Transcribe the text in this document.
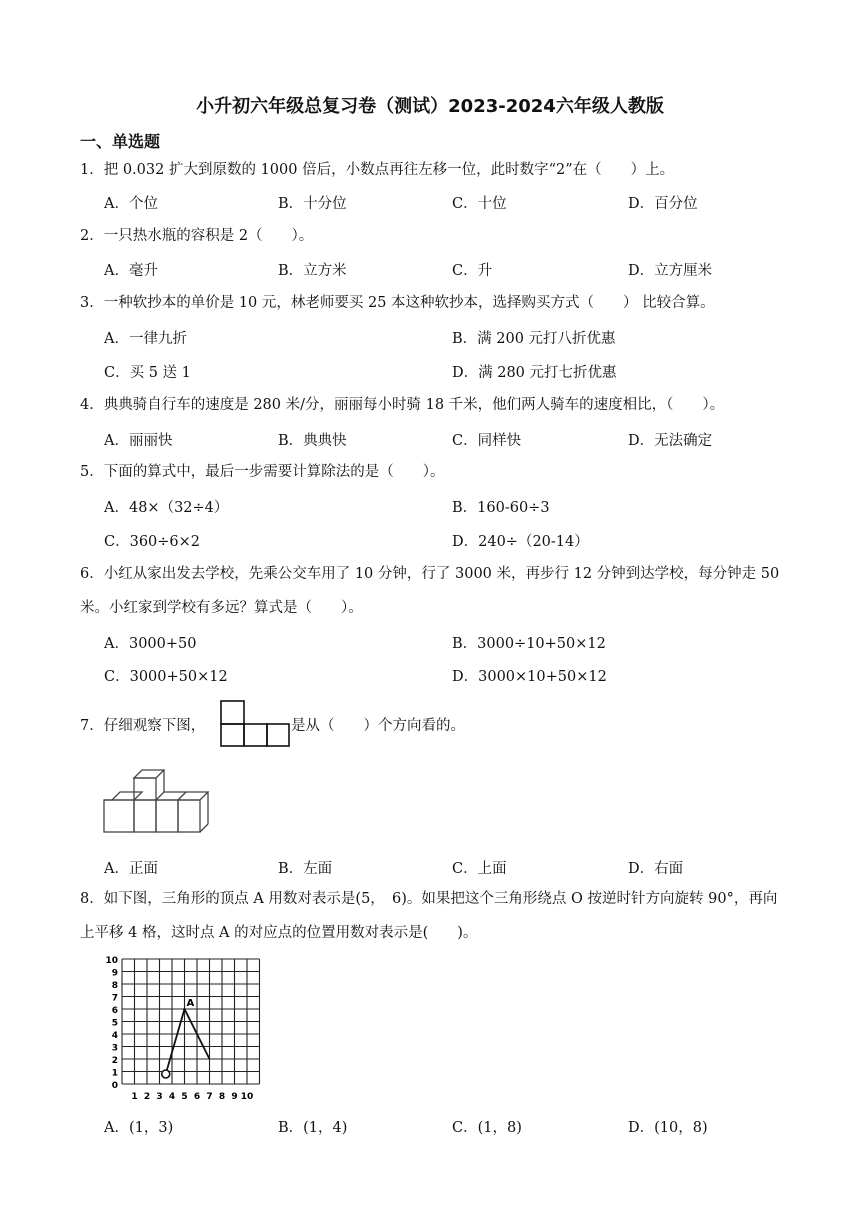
小升初六年级总复习卷（测试）2023-2024六年级人教版
一、单选题
1．把 0.032 扩大到原数的 1000 倍后，小数点再往左移一位，此时数字“2”在（　　）上。
A．个位	B．十分位	C．十位	D．百分位
2．一只热水瓶的容积是 2（　　）。
A．毫升	B．立方米	C．升	D．立方厘米
3．一种软抄本的单价是 10 元，林老师要买 25 本这种软抄本，选择购买方式（　　） 比较合算。
A．一律九折	B．满 200 元打八折优惠
C．买 5 送 1	D．满 280 元打七折优惠
4．典典骑自行车的速度是 280 米/分，丽丽每小时骑 18 千米，他们两人骑车的速度相比，（　　）。
A．丽丽快	B．典典快	C．同样快	D．无法确定
5．下面的算式中，最后一步需要计算除法的是（　　）。
A．48×（32÷4）	B．160-60÷3
C．360÷6×2	D．240÷（20-14）
6．小红从家出发去学校，先乘公交车用了 10 分钟，行了 3000 米，再步行 12 分钟到达学校，每分钟走 50 米。小红家到学校有多远？算式是（　　）。
A．3000+50	B．3000÷10+50×12
C．3000+50×12	D．3000×10+50×12
7．仔细观察下图，	是从（　　）个方向看的。
A．正面	B．左面	C．上面	D．右面
8．如下图，三角形的顶点 A 用数对表示是(5，　6)。如果把这个三角形绕点 O 按逆时针方向旋转 90°，再向上平移 4 格，这时点 A 的对应点的位置用数对表示是(　　)。
10
9
8
7
6
5
4
3
2
1
0
1 2 3 4 5 6 7 8 9 10
A
A．(1，3)	B．(1，4)	C．(1，8)	D．(10，8)
